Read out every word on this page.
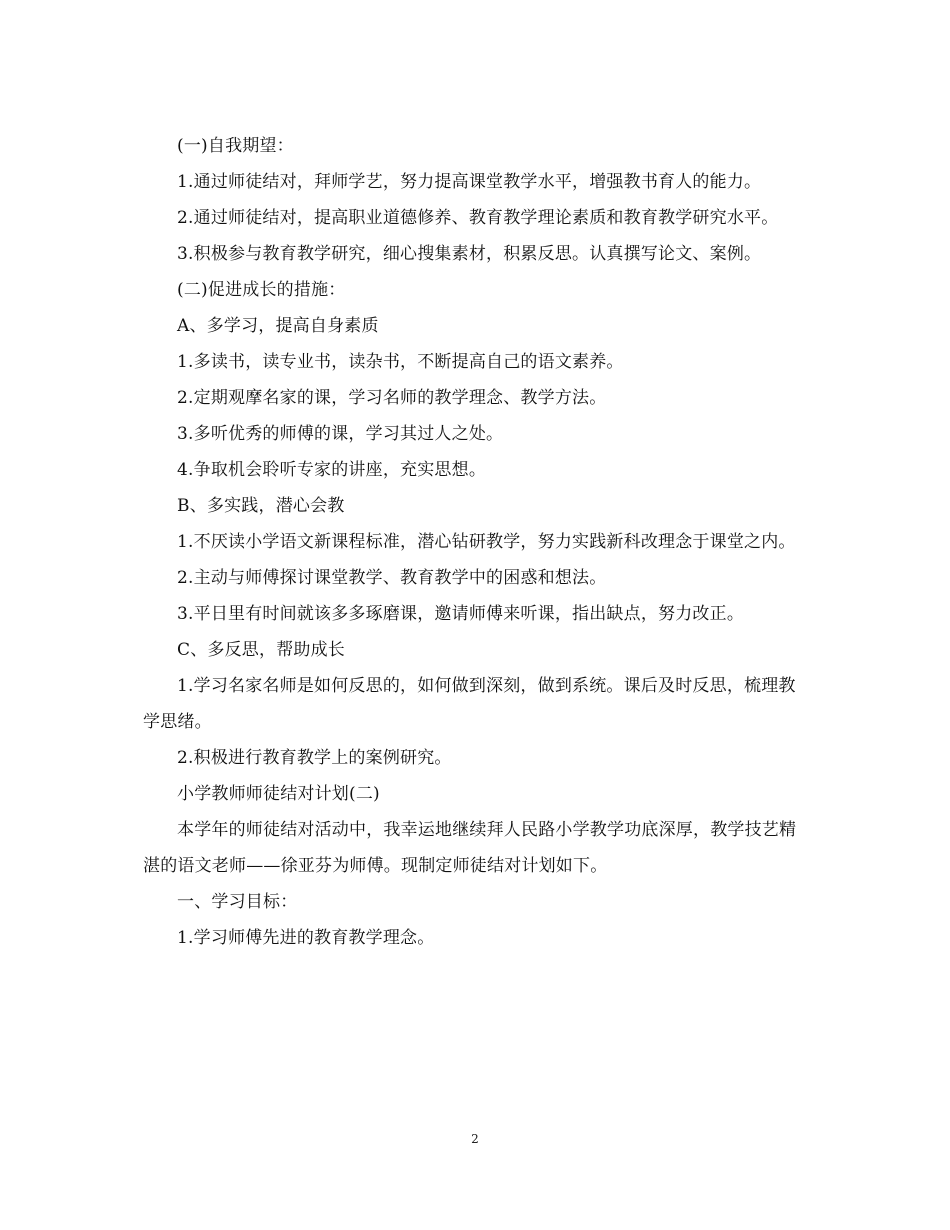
(一)自我期望：

1.通过师徒结对，拜师学艺，努力提高课堂教学水平，增强教书育人的能力。

2.通过师徒结对，提高职业道德修养、教育教学理论素质和教育教学研究水平。

3.积极参与教育教学研究，细心搜集素材，积累反思。认真撰写论文、案例。

(二)促进成长的措施：

A、多学习，提高自身素质

1.多读书，读专业书，读杂书，不断提高自己的语文素养。

2.定期观摩名家的课，学习名师的教学理念、教学方法。

3.多听优秀的师傅的课，学习其过人之处。

4.争取机会聆听专家的讲座，充实思想。

B、多实践，潜心会教

1.不厌读小学语文新课程标准，潜心钻研教学，努力实践新科改理念于课堂之内。

2.主动与师傅探讨课堂教学、教育教学中的困惑和想法。

3.平日里有时间就该多多琢磨课，邀请师傅来听课，指出缺点，努力改正。

C、多反思，帮助成长

1.学习名家名师是如何反思的，如何做到深刻，做到系统。课后及时反思，梳理教学思绪。

2.积极进行教育教学上的案例研究。

小学教师师徒结对计划(二)

本学年的师徒结对活动中，我幸运地继续拜人民路小学教学功底深厚，教学技艺精湛的语文老师——徐亚芬为师傅。现制定师徒结对计划如下。

一、学习目标：

1.学习师傅先进的教育教学理念。

2
